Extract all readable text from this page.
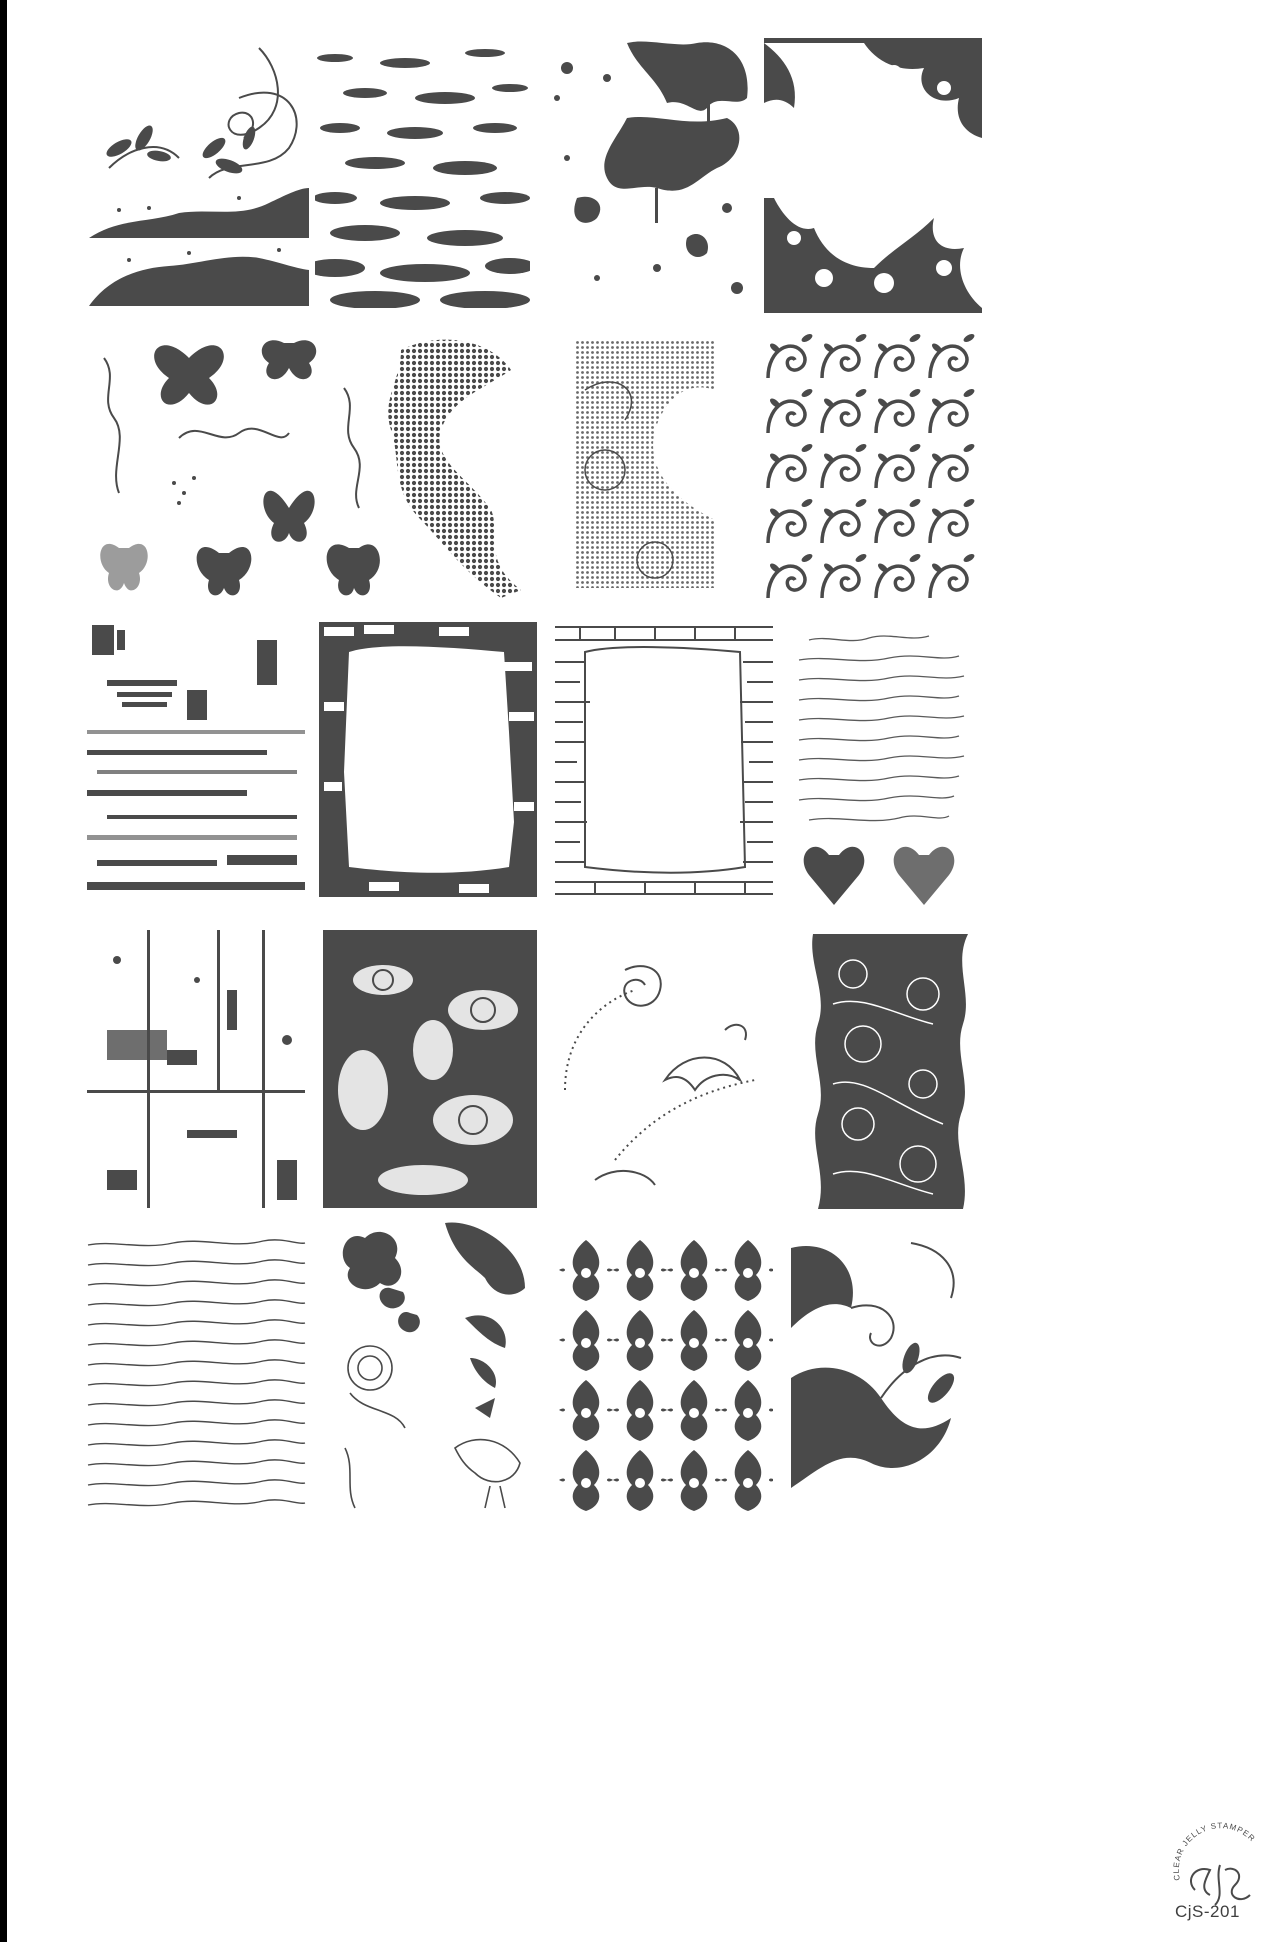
CLEAR JELLY STAMPER
CjS-201
